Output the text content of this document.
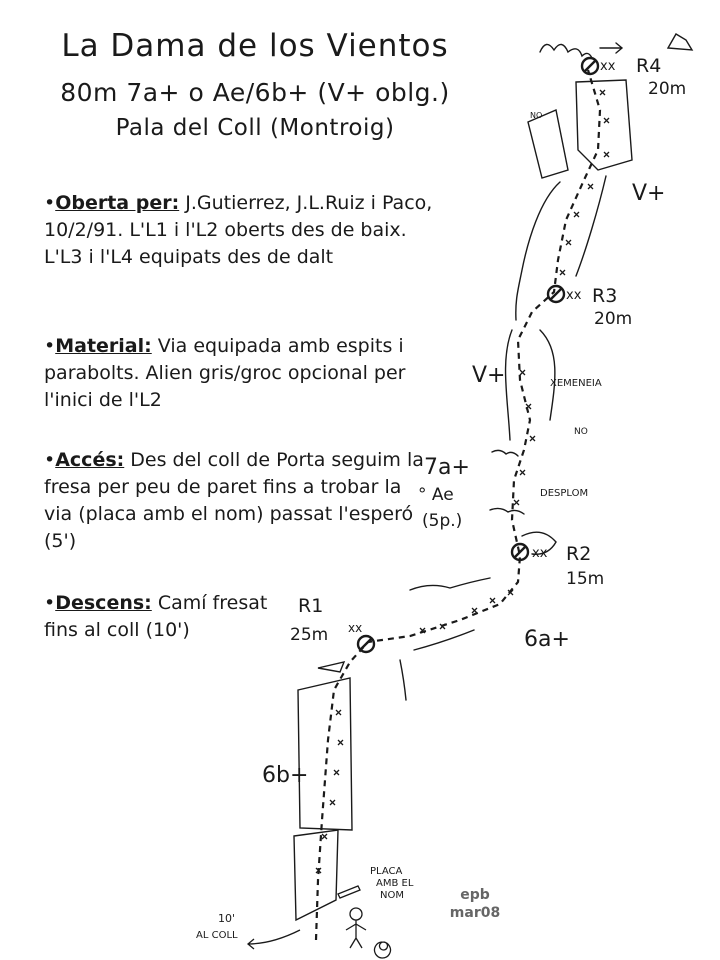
xx
R1
25m
xx R2
15m
xx R3
20m
xx R4
20m
6b+
6a+
7a+
° Ae
(5p.)
V+
V+
XEMENEIA
DESPLOM
NO
NO
PLACA
AMB EL
NOM
10'
AL COLL
La Dama de los Vientos
80m 7a+ o Ae/6b+ (V+ oblg.)
Pala del Coll (Montroig)
•Oberta per: J.Gutierrez, J.L.Ruiz i Paco, 10/2/91. L'L1 i l'L2 oberts des de baix. L'L3 i l'L4 equipats des de dalt
•Material: Via equipada amb espits i parabolts. Alien gris/groc opcional per l'inici de l'L2
•Accés: Des del coll de Porta seguim la fresa per peu de paret fins a trobar la via (placa amb el nom) passat l'esperó (5')
•Descens: Camí fresat fins al coll (10')
epb
mar08
